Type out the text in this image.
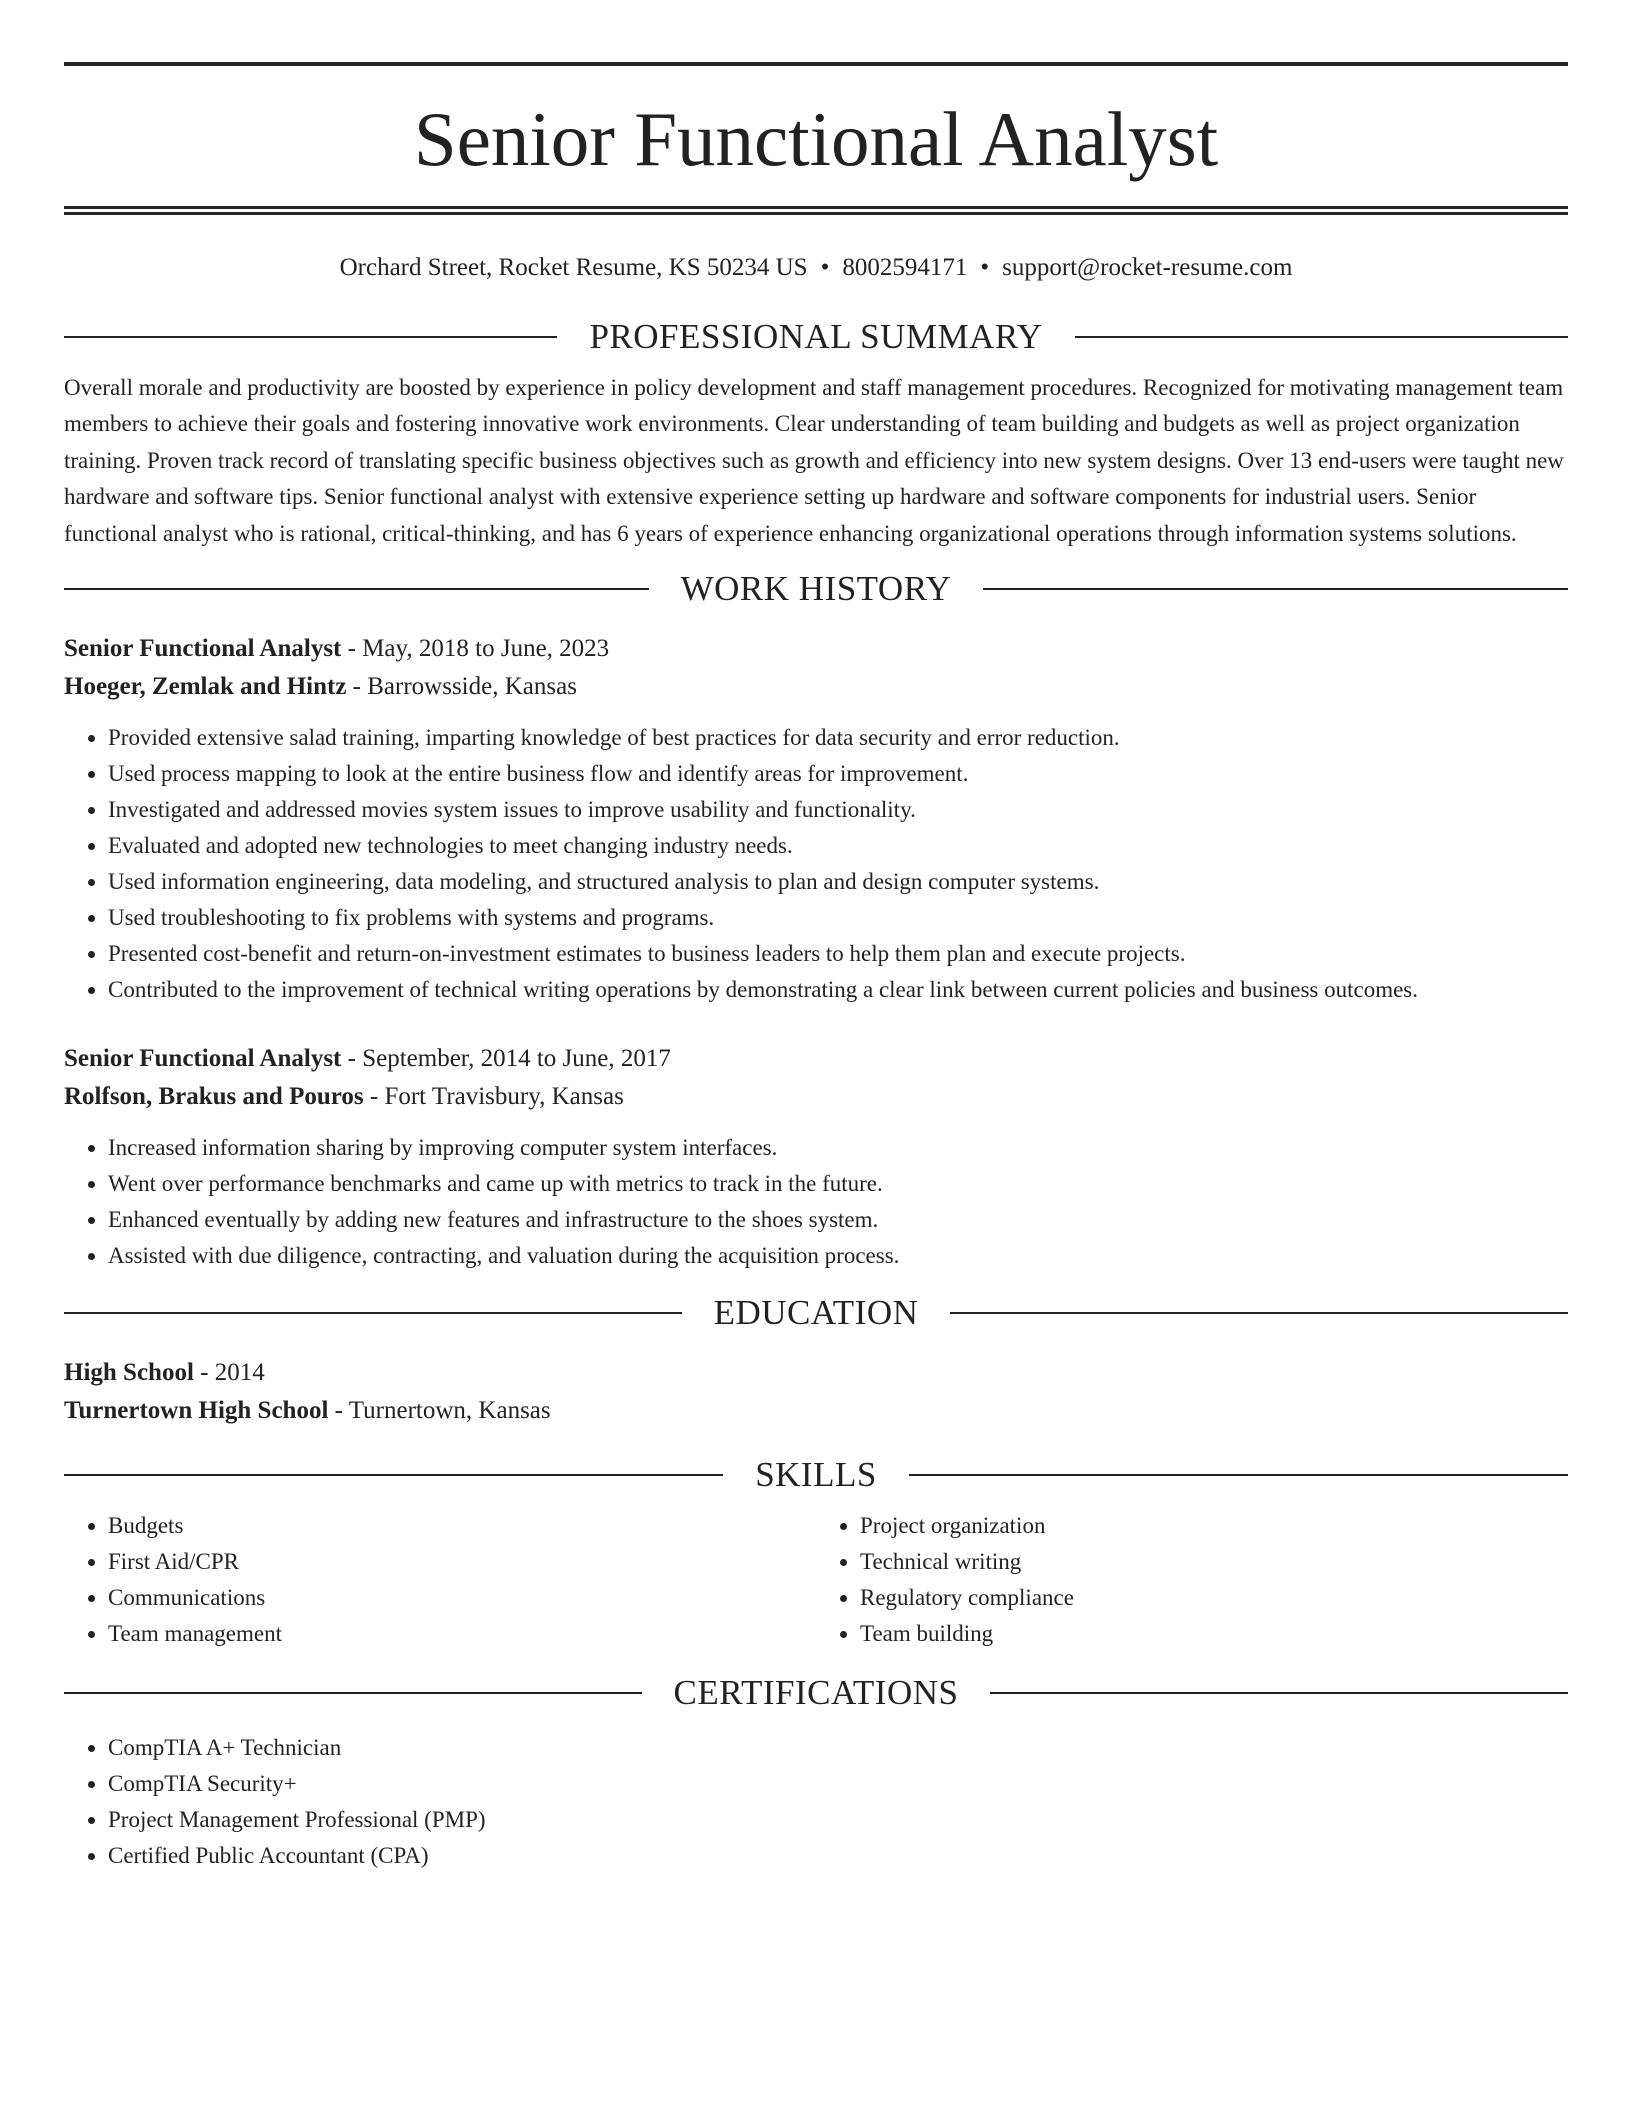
Senior Functional Analyst
Orchard Street, Rocket Resume, KS 50234 US • 8002594171 • support@rocket-resume.com
PROFESSIONAL SUMMARY

Overall morale and productivity are boosted by experience in policy development and staff management procedures. Recognized for motivating management team members to achieve their goals and fostering innovative work environments. Clear understanding of team building and budgets as well as project organization training. Proven track record of translating specific business objectives such as growth and efficiency into new system designs. Over 13 end-users were taught new hardware and software tips. Senior functional analyst with extensive experience setting up hardware and software components for industrial users. Senior functional analyst who is rational, critical-thinking, and has 6 years of experience enhancing organizational operations through information systems solutions.

WORK HISTORY
Senior Functional Analyst - May, 2018 to June, 2023
Hoeger, Zemlak and Hintz - Barrowsside, Kansas
• Provided extensive salad training, imparting knowledge of best practices for data security and error reduction.
• Used process mapping to look at the entire business flow and identify areas for improvement.
• Investigated and addressed movies system issues to improve usability and functionality.
• Evaluated and adopted new technologies to meet changing industry needs.
• Used information engineering, data modeling, and structured analysis to plan and design computer systems.
• Used troubleshooting to fix problems with systems and programs.
• Presented cost-benefit and return-on-investment estimates to business leaders to help them plan and execute projects.
• Contributed to the improvement of technical writing operations by demonstrating a clear link between current policies and business outcomes.
Senior Functional Analyst - September, 2014 to June, 2017
Rolfson, Brakus and Pouros - Fort Travisbury, Kansas
• Increased information sharing by improving computer system interfaces.
• Went over performance benchmarks and came up with metrics to track in the future.
• Enhanced eventually by adding new features and infrastructure to the shoes system.
• Assisted with due diligence, contracting, and valuation during the acquisition process.
EDUCATION
High School - 2014
Turnertown High School - Turnertown, Kansas
SKILLS
• Budgets
• First Aid/CPR
• Communications
• Team management
• Project organization
• Technical writing
• Regulatory compliance
• Team building
CERTIFICATIONS
• CompTIA A+ Technician
• CompTIA Security+
• Project Management Professional (PMP)
• Certified Public Accountant (CPA)
